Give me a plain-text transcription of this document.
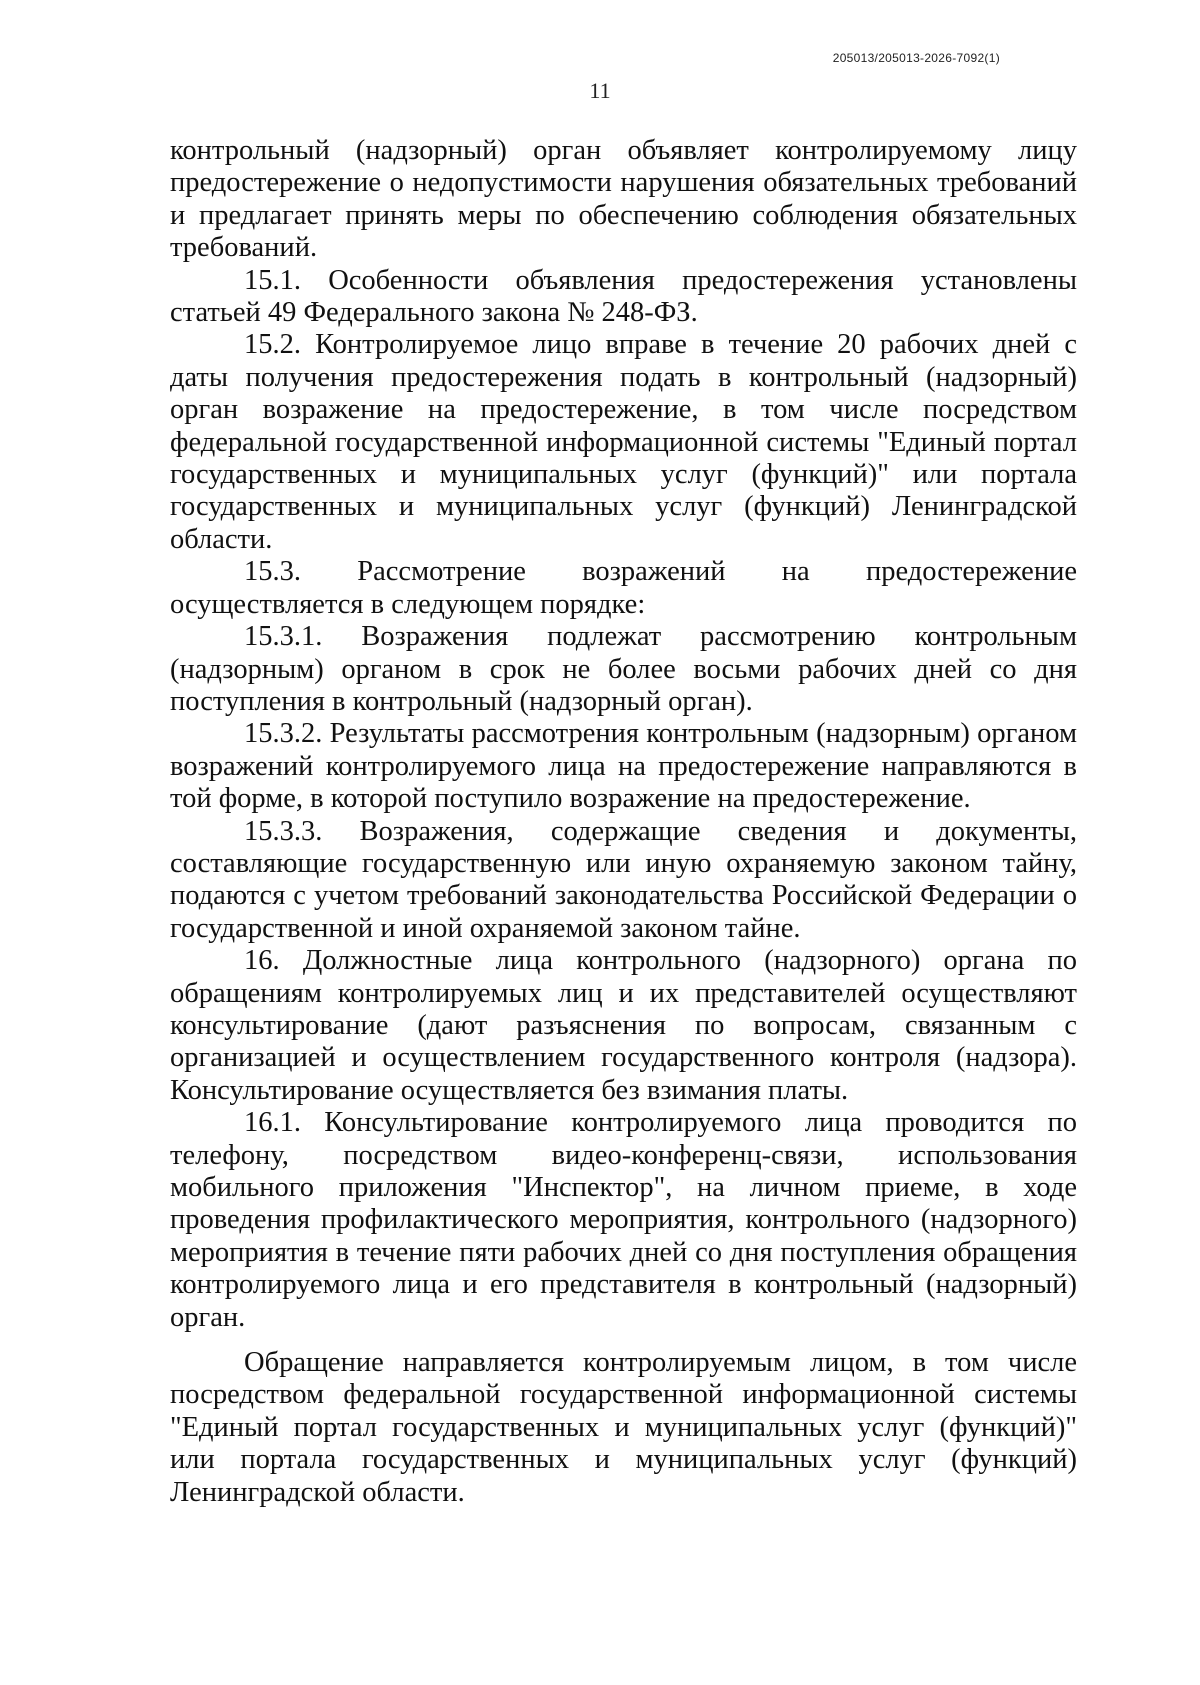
205013/205013-2026-7092(1)
11

контрольный (надзорный) орган объявляет контролируемому лицу предостережение о недопустимости нарушения обязательных требований и предлагает принять меры по обеспечению соблюдения обязательных требований.

15.1. Особенности объявления предостережения установлены статьей 49 Федерального закона № 248-ФЗ.

15.2. Контролируемое лицо вправе в течение 20 рабочих дней с даты получения предостережения подать в контрольный (надзорный) орган возражение на предостережение, в том числе посредством федеральной государственной информационной системы "Единый портал государственных и муниципальных услуг (функций)" или портала государственных и муниципальных услуг (функций) Ленинградской области.

15.3. Рассмотрение возражений на предостережение осуществляется в следующем порядке:

15.3.1. Возражения подлежат рассмотрению контрольным (надзорным) органом в срок не более восьми рабочих дней со дня поступления в контрольный (надзорный орган).

15.3.2. Результаты рассмотрения контрольным (надзорным) органом возражений контролируемого лица на предостережение направляются в той форме, в которой поступило возражение на предостережение.

15.3.3. Возражения, содержащие сведения и документы, составляющие государственную или иную охраняемую законом тайну, подаются с учетом требований законодательства Российской Федерации о государственной и иной охраняемой законом тайне.

16. Должностные лица контрольного (надзорного) органа по обращениям контролируемых лиц и их представителей осуществляют консультирование (дают разъяснения по вопросам, связанным с организацией и осуществлением государственного контроля (надзора). Консультирование осуществляется без взимания платы.

16.1. Консультирование контролируемого лица проводится по телефону, посредством видео-конференц-связи, использования мобильного приложения "Инспектор", на личном приеме, в ходе проведения профилактического мероприятия, контрольного (надзорного) мероприятия в течение пяти рабочих дней со дня поступления обращения контролируемого лица и его представителя в контрольный (надзорный) орган.

Обращение направляется контролируемым лицом, в том числе посредством федеральной государственной информационной системы "Единый портал государственных и муниципальных услуг (функций)" или портала государственных и муниципальных услуг (функций) Ленинградской области.
